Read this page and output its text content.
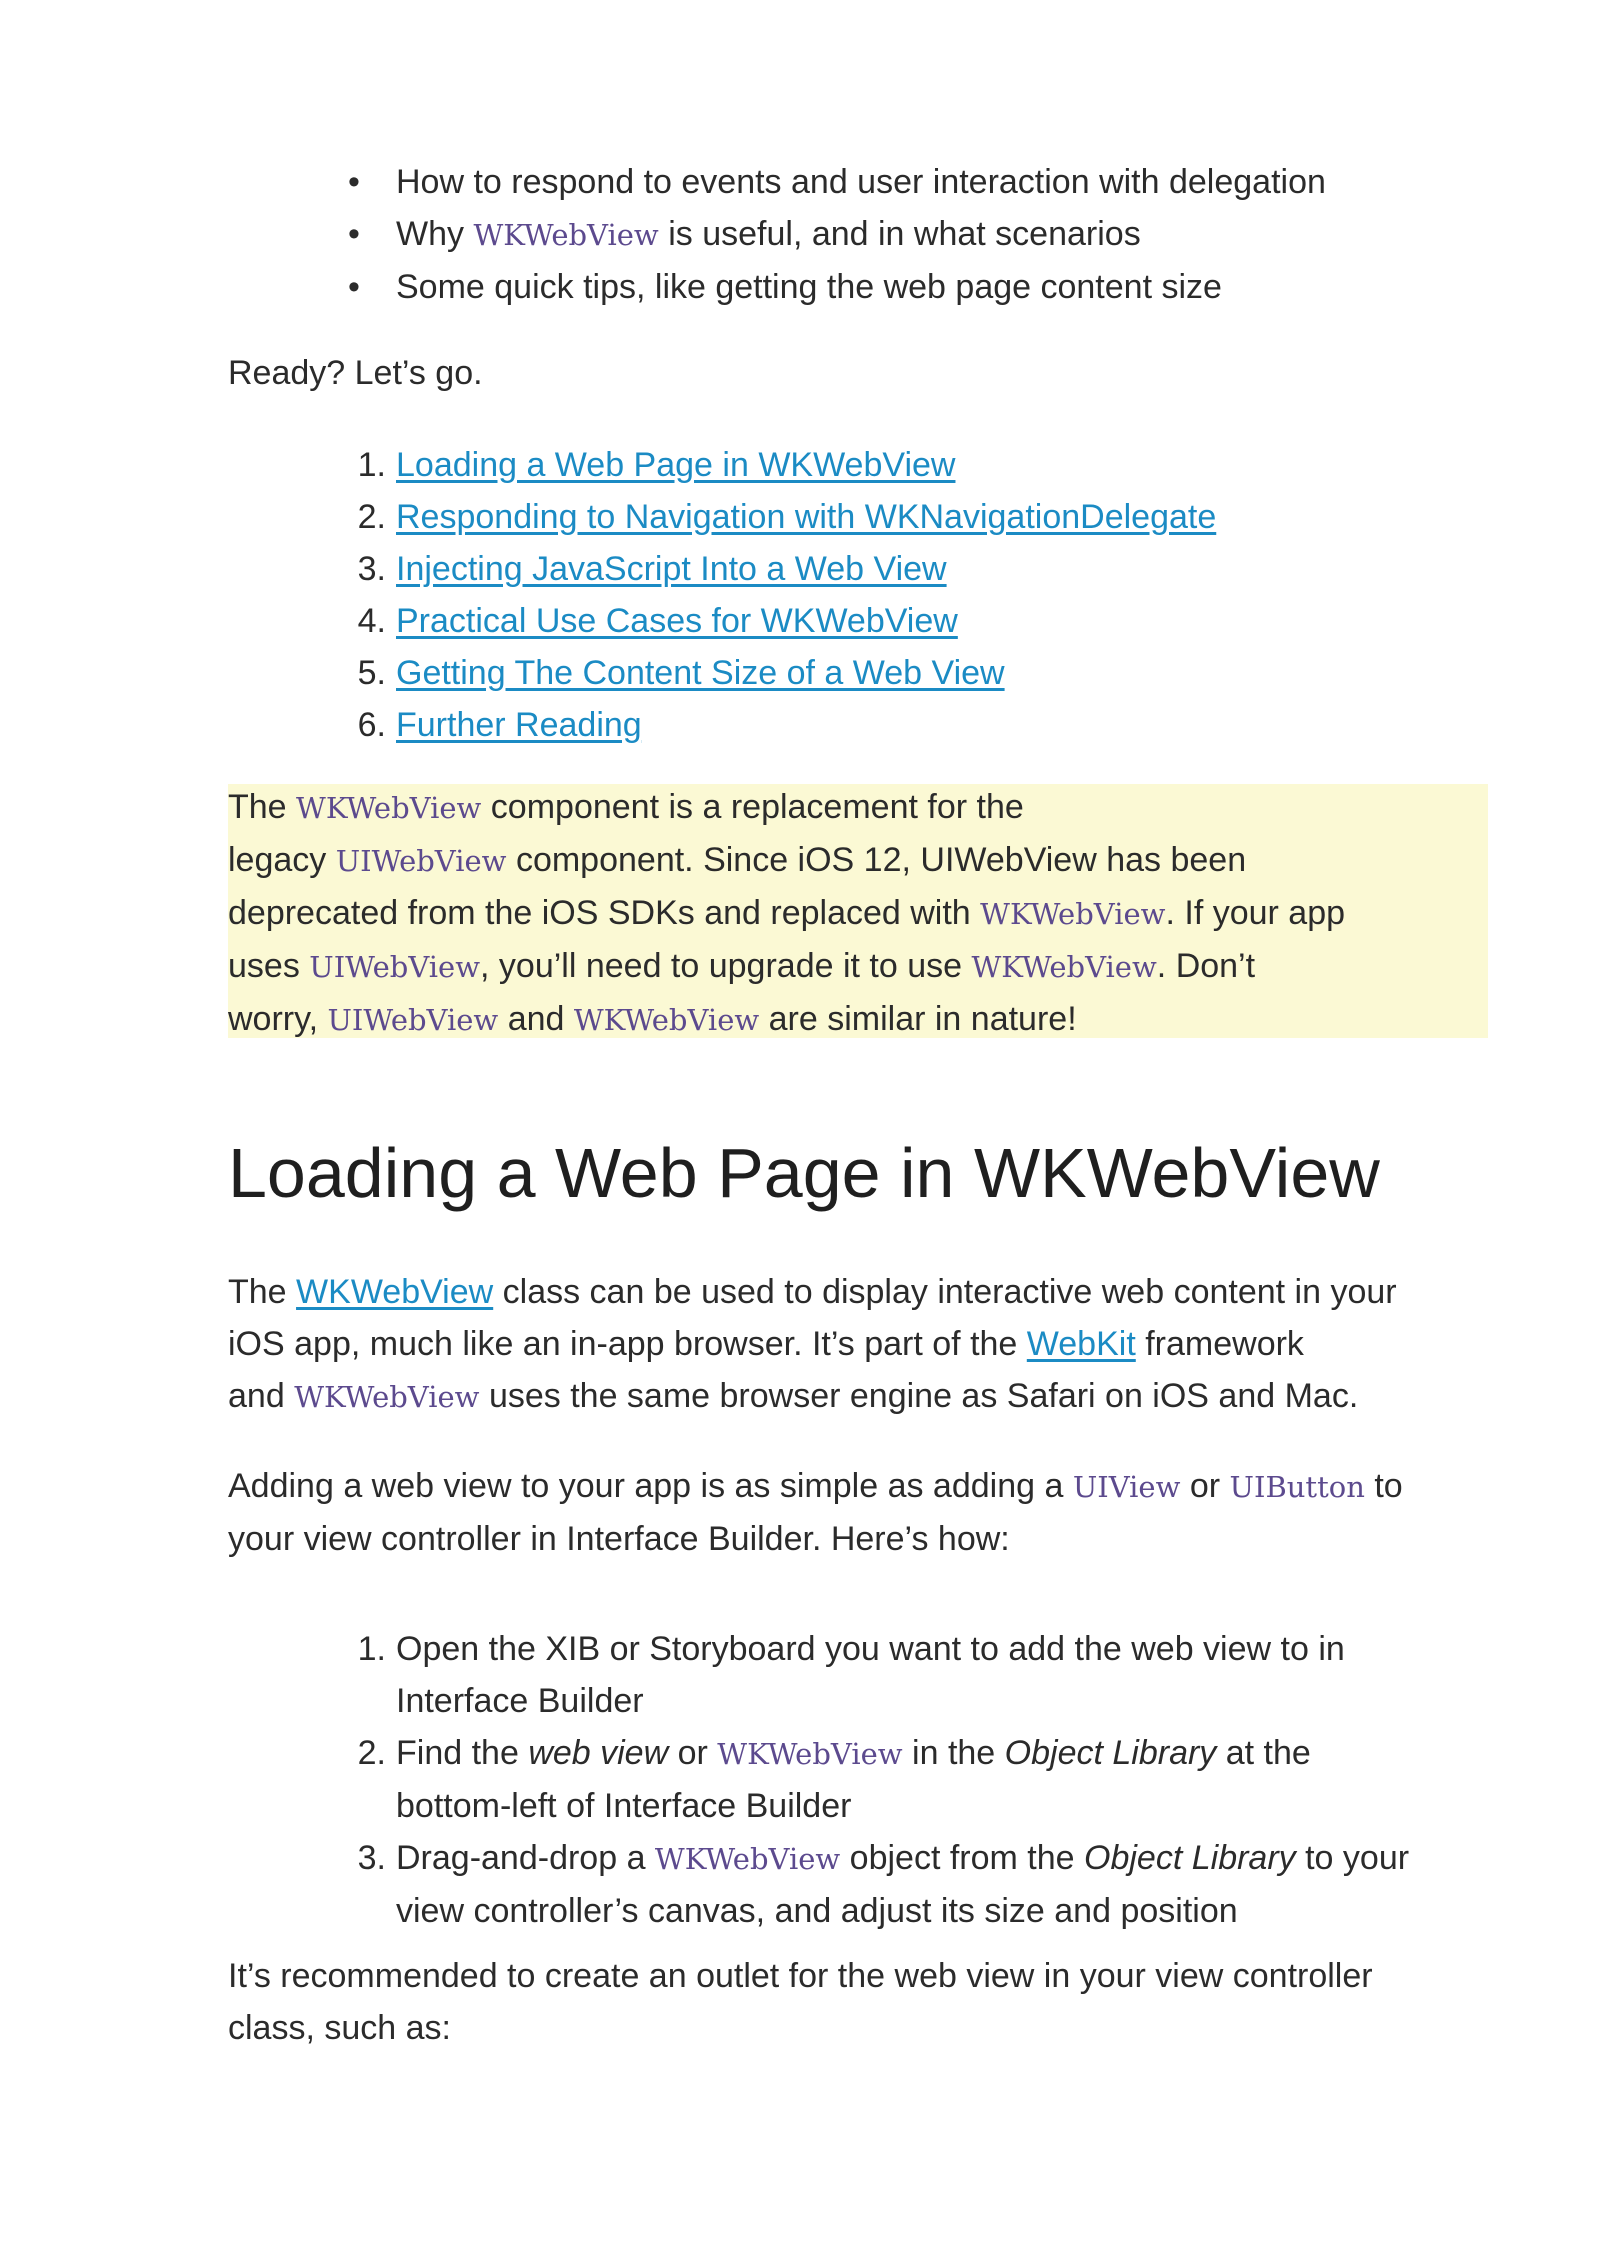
•	How to respond to events and user interaction with delegation
•	Why WKWebView is useful, and in what scenarios
•	Some quick tips, like getting the web page content size

Ready? Let’s go.

1. Loading a Web Page in WKWebView
2. Responding to Navigation with WKNavigationDelegate
3. Injecting JavaScript Into a Web View
4. Practical Use Cases for WKWebView
5. Getting The Content Size of a Web View
6. Further Reading

The WKWebView component is a replacement for the
legacy UIWebView component. Since iOS 12, UIWebView has been
deprecated from the iOS SDKs and replaced with WKWebView. If your app
uses UIWebView, you’ll need to upgrade it to use WKWebView. Don’t
worry, UIWebView and WKWebView are similar in nature!

Loading a Web Page in WKWebView

The WKWebView class can be used to display interactive web content in your
iOS app, much like an in-app browser. It’s part of the WebKit framework
and WKWebView uses the same browser engine as Safari on iOS and Mac.

Adding a web view to your app is as simple as adding a UIView or UIButton to
your view controller in Interface Builder. Here’s how:

1. Open the XIB or Storyboard you want to add the web view to in
Interface Builder
2. Find the web view or WKWebView in the Object Library at the
bottom-left of Interface Builder
3. Drag-and-drop a WKWebView object from the Object Library to your
view controller’s canvas, and adjust its size and position

It’s recommended to create an outlet for the web view in your view controller
class, such as:
